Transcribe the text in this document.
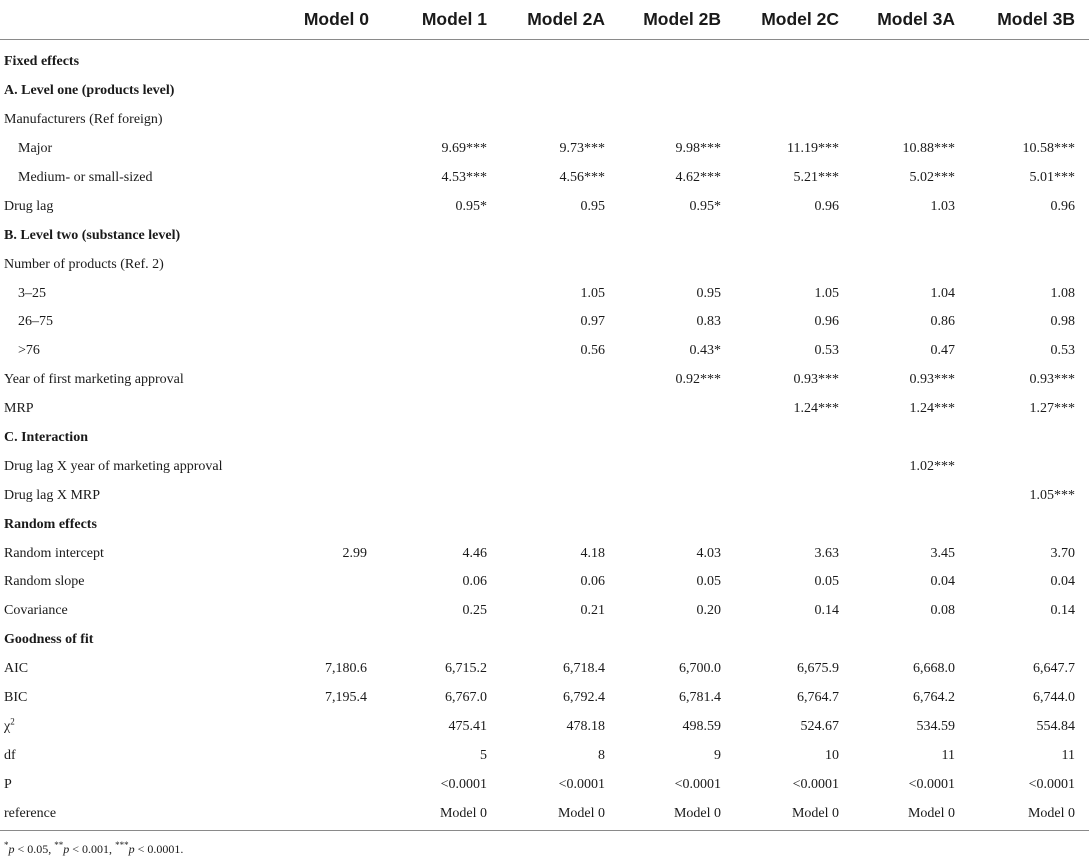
	Model 0	Model 1	Model 2A	Model 2B	Model 2C	Model 3A	Model 3B
Fixed effects							
A. Level one (products level)							
Manufacturers (Ref foreign)							
Major		9.69***	9.73***	9.98***	11.19***	10.88***	10.58***
Medium- or small-sized		4.53***	4.56***	4.62***	5.21***	5.02***	5.01***
Drug lag		0.95*	0.95	0.95*	0.96	1.03	0.96
B. Level two (substance level)							
Number of products (Ref. 2)							
3–25			1.05	0.95	1.05	1.04	1.08
26–75			0.97	0.83	0.96	0.86	0.98
>76			0.56	0.43*	0.53	0.47	0.53
Year of first marketing approval				0.92***	0.93***	0.93***	0.93***
MRP					1.24***	1.24***	1.27***
C. Interaction							
Drug lag X year of marketing approval						1.02***	
Drug lag X MRP							1.05***
Random effects							
Random intercept	2.99	4.46	4.18	4.03	3.63	3.45	3.70
Random slope		0.06	0.06	0.05	0.05	0.04	0.04
Covariance		0.25	0.21	0.20	0.14	0.08	0.14
Goodness of fit							
AIC	7,180.6	6,715.2	6,718.4	6,700.0	6,675.9	6,668.0	6,647.7
BIC	7,195.4	6,767.0	6,792.4	6,781.4	6,764.7	6,764.2	6,744.0
$\chi^2$		475.41	478.18	498.59	524.67	534.59	554.84
df		5	8	9	10	11	11
P		<0.0001	<0.0001	<0.0001	<0.0001	<0.0001	<0.0001
reference		Model 0	Model 0	Model 0	Model 0	Model 0	Model 0
*p < 0.05, **p < 0.001, ***p < 0.0001.
